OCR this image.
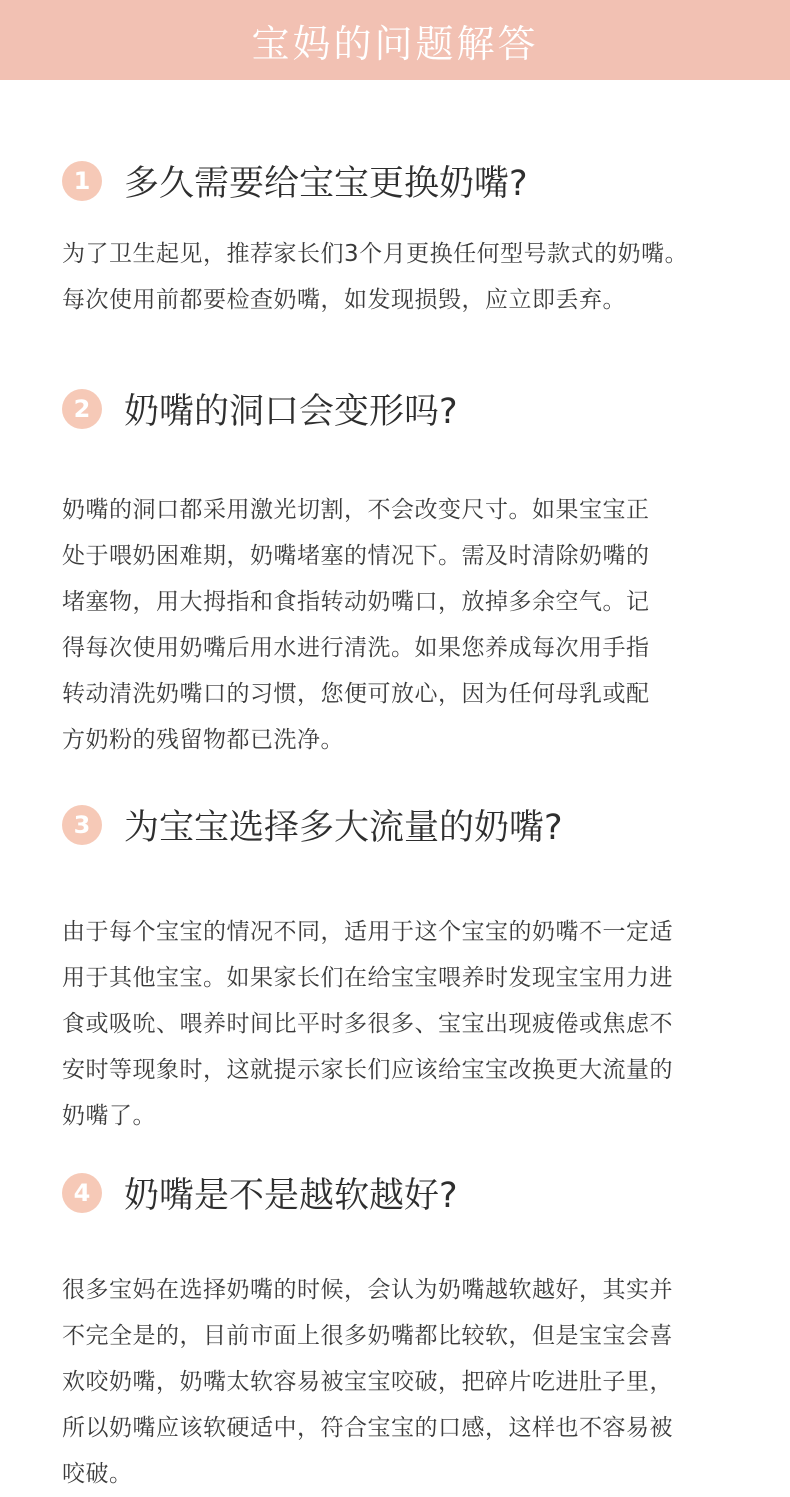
宝妈的问题解答
1 多久需要给宝宝更换奶嘴?
为了卫生起见，推荐家长们3个月更换任何型号款式的奶嘴。
每次使用前都要检查奶嘴，如发现损毁，应立即丢弃。
2 奶嘴的洞口会变形吗?
奶嘴的洞口都采用激光切割，不会改变尺寸。如果宝宝正
处于喂奶困难期，奶嘴堵塞的情况下。需及时清除奶嘴的
堵塞物，用大拇指和食指转动奶嘴口，放掉多余空气。记
得每次使用奶嘴后用水进行清洗。如果您养成每次用手指
转动清洗奶嘴口的习惯，您便可放心，因为任何母乳或配
方奶粉的残留物都已洗净。
3 为宝宝选择多大流量的奶嘴?
由于每个宝宝的情况不同，适用于这个宝宝的奶嘴不一定适
用于其他宝宝。如果家长们在给宝宝喂养时发现宝宝用力进
食或吸吮、喂养时间比平时多很多、宝宝出现疲倦或焦虑不
安时等现象时，这就提示家长们应该给宝宝改换更大流量的
奶嘴了。
4 奶嘴是不是越软越好?
很多宝妈在选择奶嘴的时候，会认为奶嘴越软越好，其实并
不完全是的，目前市面上很多奶嘴都比较软，但是宝宝会喜
欢咬奶嘴，奶嘴太软容易被宝宝咬破，把碎片吃进肚子里，
所以奶嘴应该软硬适中，符合宝宝的口感，这样也不容易被
咬破。
